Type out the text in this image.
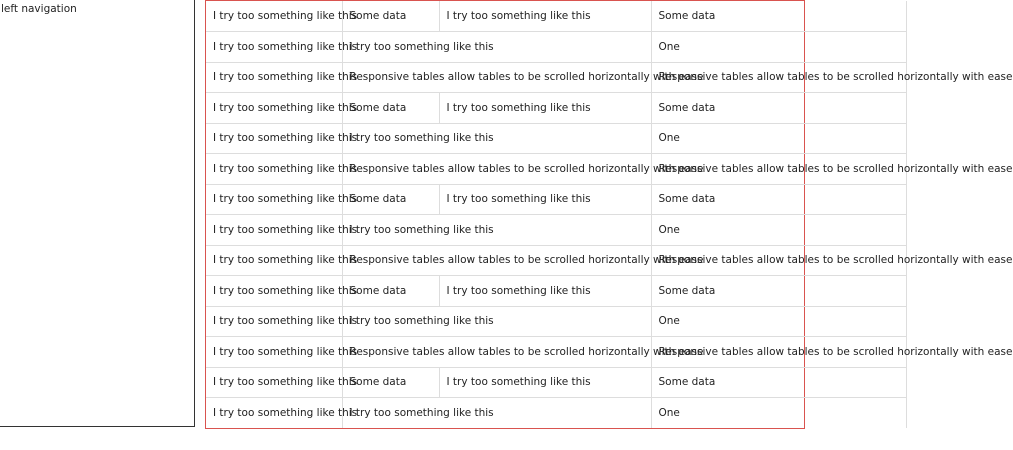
left navigation
I try too something like this	Some data	I try too something like this	Some data
I try too something like this	I try too something like this		One
I try too something like this	Responsive tables allow tables to be scrolled horizontally with ease		Responsive tables allow tables to be scrolled horizontally with ease
I try too something like this	Some data	I try too something like this	Some data
I try too something like this	I try too something like this		One
I try too something like this	Responsive tables allow tables to be scrolled horizontally with ease		Responsive tables allow tables to be scrolled horizontally with ease
I try too something like this	Some data	I try too something like this	Some data
I try too something like this	I try too something like this		One
I try too something like this	Responsive tables allow tables to be scrolled horizontally with ease		Responsive tables allow tables to be scrolled horizontally with ease
I try too something like this	Some data	I try too something like this	Some data
I try too something like this	I try too something like this		One
I try too something like this	Responsive tables allow tables to be scrolled horizontally with ease		Responsive tables allow tables to be scrolled horizontally with ease
I try too something like this	Some data	I try too something like this	Some data
I try too something like this	I try too something like this		One
